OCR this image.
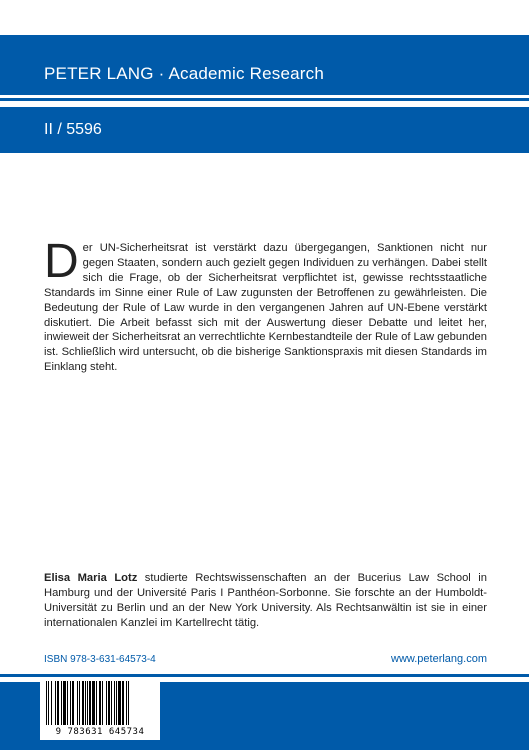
PETER LANG · Academic Research
II / 5596
D er UN-Sicherheitsrat ist verstärkt dazu übergegangen, Sanktionen nicht nur gegen Staaten, sondern auch gezielt gegen Individuen zu verhängen. Dabei stellt sich die Frage, ob der Sicherheitsrat verpflichtet ist, gewisse rechtsstaatliche Standards im Sinne einer Rule of Law zugunsten der Betroffenen zu gewährleisten. Die Bedeutung der Rule of Law wurde in den vergangenen Jahren auf UN-Ebene verstärkt diskutiert. Die Arbeit befasst sich mit der Auswertung dieser Debatte und leitet her, inwieweit der Sicherheitsrat an verrechtlichte Kernbestandteile der Rule of Law gebunden ist. Schließlich wird untersucht, ob die bisherige Sanktionspraxis mit diesen Standards im Einklang steht.
Elisa Maria Lotz studierte Rechtswissenschaften an der Bucerius Law School in Hamburg und der Université Paris I Panthéon-Sorbonne. Sie forschte an der Humboldt-Universität zu Berlin und an der New York University. Als Rechtsanwältin ist sie in einer internationalen Kanzlei im Kartellrecht tätig.
ISBN 978-3-631-64573-4	www.peterlang.com
9 783631 645734
